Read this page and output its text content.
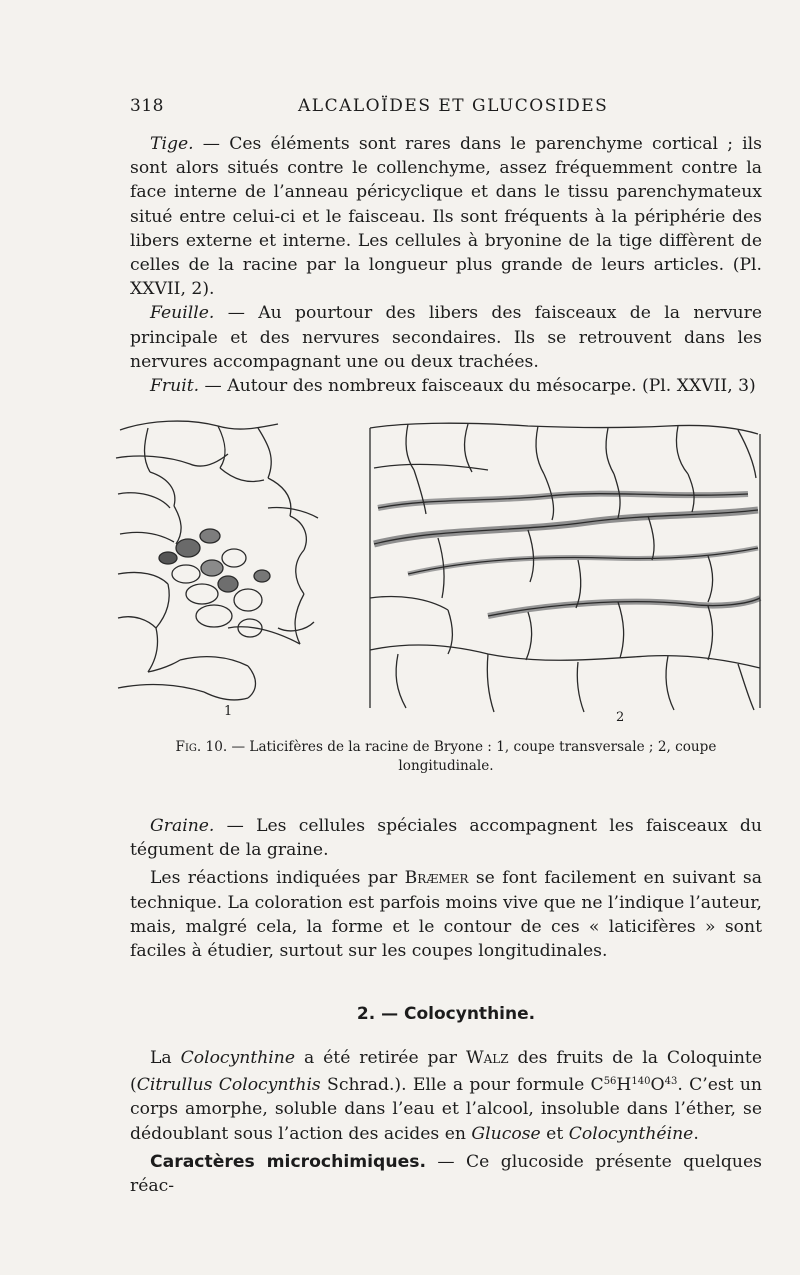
318	ALCALOÏDES ET GLUCOSIDES

Tige. — Ces éléments sont rares dans le parenchyme cortical ; ils sont alors situés contre le collenchyme, assez fréquemment contre la face interne de l’anneau péricyclique et dans le tissu parenchymateux situé entre celui-ci et le faisceau. Ils sont fréquents à la périphérie des libers externe et interne. Les cellules à bryonine de la tige diffèrent de celles de la racine par la longueur plus grande de leurs articles. (Pl. XXVII, 2).

Feuille. — Au pourtour des libers des faisceaux de la nervure principale et des nervures secondaires. Ils se retrouvent dans les nervures accompagnant une ou deux trachées.

Fruit. — Autour des nombreux faisceaux du mésocarpe. (Pl. XXVII, 3)

1	2
Fig. 10. — Laticifères de la racine de Bryone : 1, coupe transversale ; 2, coupe longitudinale.

Graine. — Les cellules spéciales accompagnent les faisceaux du tégument de la graine.

Les réactions indiquées par Bræmer se font facilement en suivant sa technique. La coloration est parfois moins vive que ne l’indique l’auteur, mais, malgré cela, la forme et le contour de ces « laticifères » sont faciles à étudier, surtout sur les coupes longitudinales.

2. — Colocynthine.

La Colocynthine a été retirée par Walz des fruits de la Coloquinte (Citrullus Colocynthis Schrad.). Elle a pour formule $C^{56}H^{140}O^{43}$. C’est un corps amorphe, soluble dans l’eau et l’alcool, insoluble dans l’éther, se dédoublant sous l’action des acides en Glucose et Colocynthéine.

Caractères microchimiques. — Ce glucoside présente quelques réac-
